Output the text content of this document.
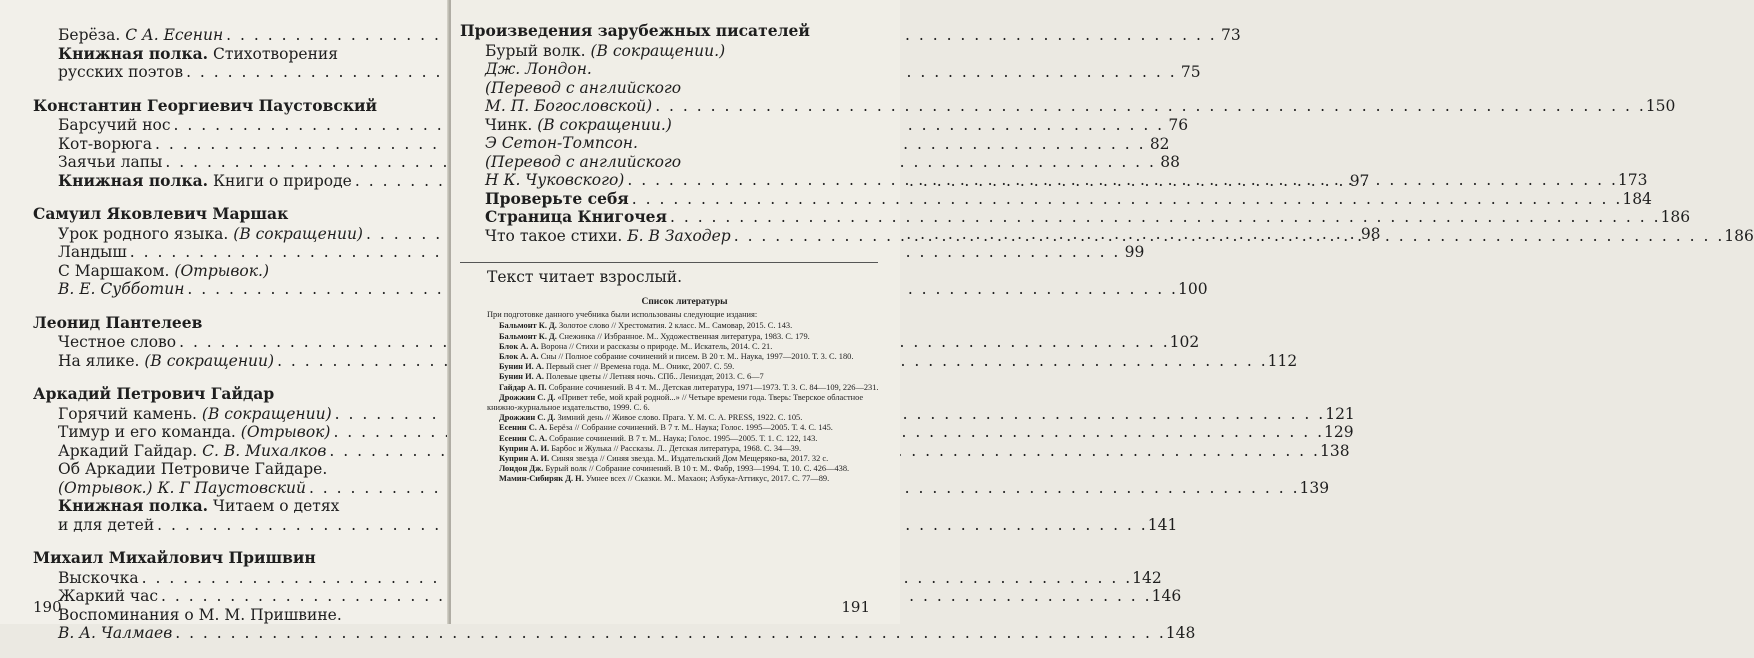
Берёза. С А. Есенин . . .	73
Книжная полка. Стихотворения
русских поэтов . . .	75
Константин Георгиевич Паустовский
Барсучий нос . . .	76
Кот-ворюга . . .	82
Заячьи лапы . . .	88
Книжная полка. Книги о природе . . .	97
Самуил Яковлевич Маршак
Урок родного языка. (В сокращении) . . .	98
Ландыш . . .	99
С Маршаком. (Отрывок.)
В. Е. Субботин . . .	100
Леонид Пантелеев
Честное слово . . .	102
На ялике. (В сокращении) . . .	112
Аркадий Петрович Гайдар
Горячий камень. (В сокращении) . . .	121
Тимур и его команда. (Отрывок) . . .	129
Аркадий Гайдар. С. В. Михалков . . .	138
Об Аркадии Петровиче Гайдаре.
(Отрывок.) К. Г Паустовский . . .	139
Книжная полка. Читаем о детях
и для детей . . .	141
Михаил Михайлович Пришвин
Выскочка . . .	142
Жаркий час . . .	146
Воспоминания о М. М. Пришвине.
В. А. Чалмаев . . .	148
190
Произведения зарубежных писателей
Бурый волк. (В сокращении.)
Дж. Лондон.
(Перевод с английского
М. П. Богословской) . . .	150
Чинк. (В сокращении.)
Э Сетон-Томпсон.
(Перевод с английского
Н К. Чуковского) . . .	173
Проверьте себя . . .	184
Страница Книгочея . . .	186
Что такое стихи. Б. В Заходер . . .	186
Текст читает взрослый.
Список литературы
При подготовке данного учебника были использованы следующие издания:
Бальмонт К. Д. Золотое слово // Хрестоматия. 2 класс. М.. Самовар, 2015. С. 143.
Бальмонт К. Д. Снежинка // Избранное. М.. Художественная литература, 1983. С. 179.
Блок А. А. Ворона // Стихи и рассказы о природе. М.. Искатель, 2014. С. 21.
Блок А. А. Сны // Полное собрание сочинений и писем. В 20 т. М.. Наука, 1997—2010. Т. 3. С. 180.
Бунин И. А. Первый снег // Времена года. М.. Оникс, 2007. С. 59.
Бунин И. А. Полевые цветы // Летняя ночь. СПб.. Лениздат, 2013. С. 6—7
Гайдар А. П. Собрание сочинений. В 4 т. М.. Детская литература, 1971—1973. Т. 3. С. 84—109, 226—231.
Дрожжин С. Д. «Привет тебе, мой край родной...» // Четыре времени года. Тверь: Тверское областное книжно-журнальное издательство, 1999. С. 6.
Дрожжин С. Д. Зимний день // Живое слово. Прага. Y. M. C. A. PRESS, 1922. С. 105.
Есенин С. А. Берёза // Собрание сочинений. В 7 т. М.. Наука; Голос. 1995—2005. Т. 4. С. 145.
Есенин С. А. Собрание сочинений. В 7 т. М.. Наука; Голос. 1995—2005. Т. 1. С. 122, 143.
Куприн А. И. Барбос и Жулька // Рассказы. Л.. Детская литература, 1968. С. 34—39.
Куприн А. И. Синяя звезда // Синяя звезда. М.. Издательский Дом Мещеряко-ва, 2017. 32 с.
Лондон Дж. Бурый волк // Собрание сочинений. В 10 т. М.. Фабр, 1993—1994. Т. 10. С. 426—438.
Мамин-Сибиряк Д. Н. Умнее всех // Сказки. М.. Махаон; Азбука-Аттикус, 2017. С. 77—89.
191
